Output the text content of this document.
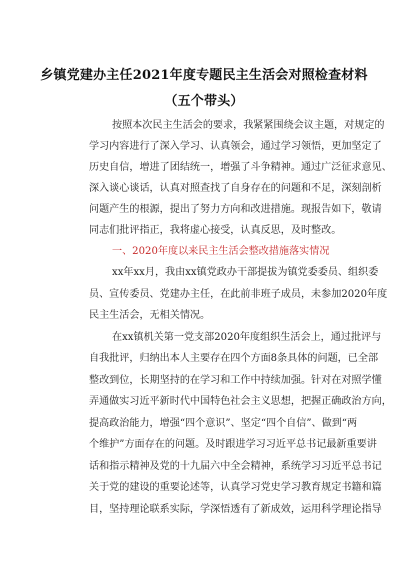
乡镇党建办主任2021年度专题民主生活会对照检查材料
（五个带头）
按照本次民主生活会的要求，我紧紧围绕会议主题，对规定的
学习内容进行了深入学习、认真领会，通过学习领悟，更加坚定了
历史自信，增进了团结统一，增强了斗争精神。通过广泛征求意见、
深入谈心谈话，认真对照查找了自身存在的问题和不足，深刻剖析
问题产生的根源，提出了努力方向和改进措施。现报告如下，敬请
同志们批评指正，我将虚心接受，认真反思，及时整改。
一、2020年度以来民主生活会整改措施落实情况
xx年xx月，我由xx镇党政办干部提拔为镇党委委员、组织委
员、宣传委员、党建办主任，在此前非班子成员，未参加2020年度
民主生活会，无相关情况。
在xx镇机关第一党支部2020年度组织生活会上，通过批评与
自我批评，归纳出本人主要存在四个方面8条具体的问题，已全部
整改到位，长期坚持的在学习和工作中持续加强。针对在对照学懂
弄通做实习近平新时代中国特色社会主义思想，把握正确政治方向，
提高政治能力，增强“四个意识”、坚定“四个自信”、做到“两
个维护”方面存在的问题。及时跟进学习习近平总书记最新重要讲
话和指示精神及党的十九届六中全会精神，系统学习习近平总书记
关于党的建设的重要论述等，认真学习党史学习教育规定书籍和篇
目，坚持理论联系实际，学深悟透有了新成效，运用科学理论指导
